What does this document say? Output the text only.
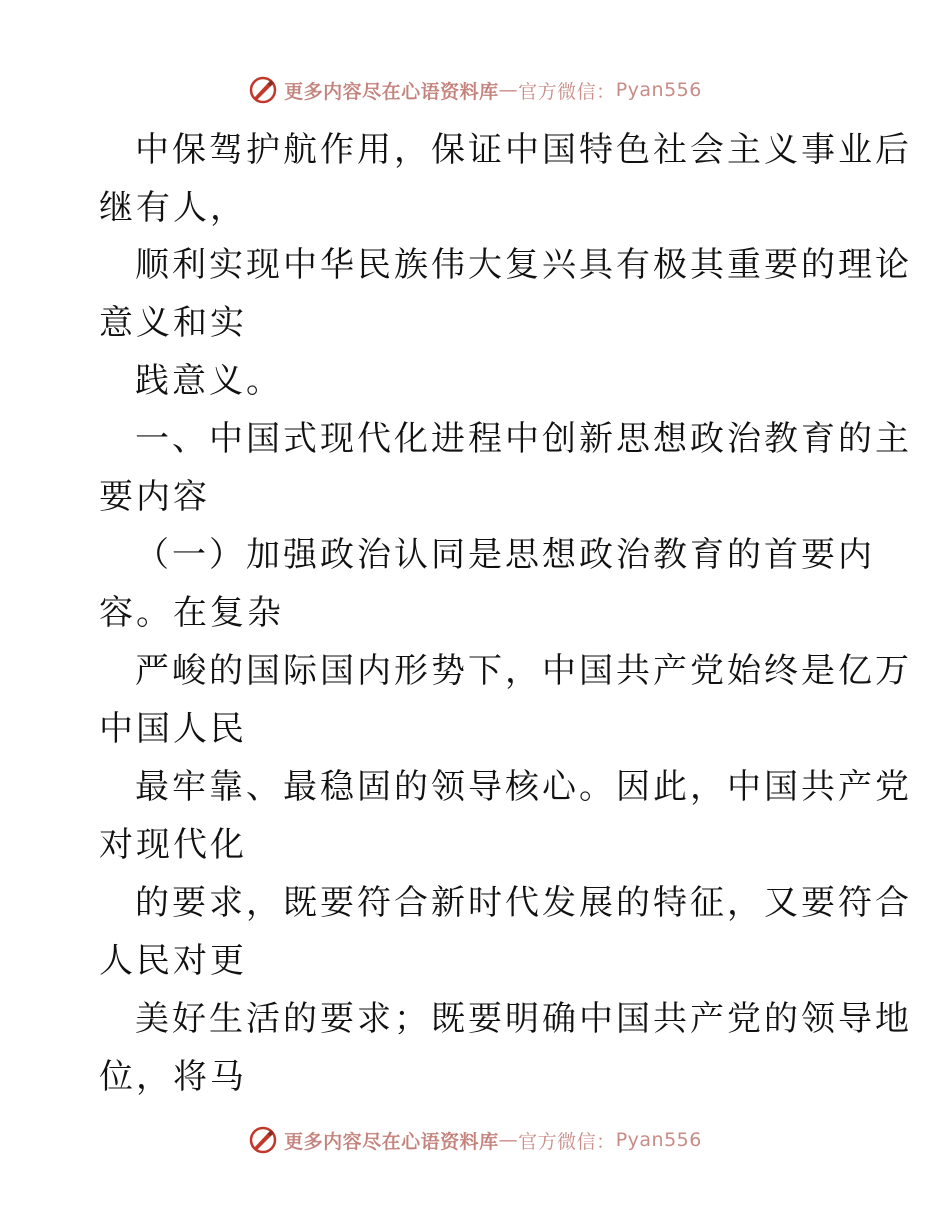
更多内容尽在心语资料库 — 官方微信： Pyan556
中保驾护航作用，保证中国特色社会主义事业后
继有人，
顺利实现中华民族伟大复兴具有极其重要的理论
意义和实
践意义。
一、中国式现代化进程中创新思想政治教育的主
要内容
（一）加强政治认同是思想政治教育的首要内
容。在复杂
严峻的国际国内形势下，中国共产党始终是亿万
中国人民
最牢靠、最稳固的领导核心。因此，中国共产党
对现代化
的要求，既要符合新时代发展的特征，又要符合
人民对更
美好生活的要求；既要明确中国共产党的领导地
位，将马
更多内容尽在心语资料库 — 官方微信： Pyan556
